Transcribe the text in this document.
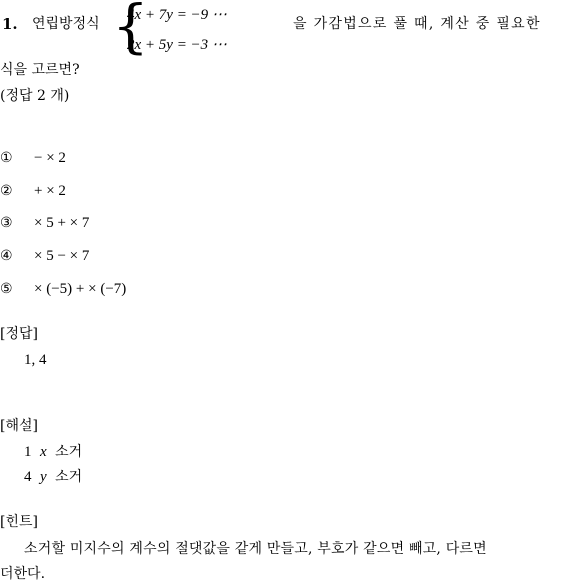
1. 연립방정식 {
4x + 7y = −9 ⋯
2x + 5y = −3 ⋯
을 가감법으로 풀 때, 계산 중 필요한
식을 고르면?
(정답 2 개)
① − × 2
② + × 2
③ × 5 + × 7
④ × 5 − × 7
⑤ × (−5) + × (−7)
[정답]
1, 4
[해설]
1 x 소거
4 y 소거
[힌트]
소거할 미지수의 계수의 절댓값을 같게 만들고, 부호가 같으면 빼고, 다르면
더한다.
